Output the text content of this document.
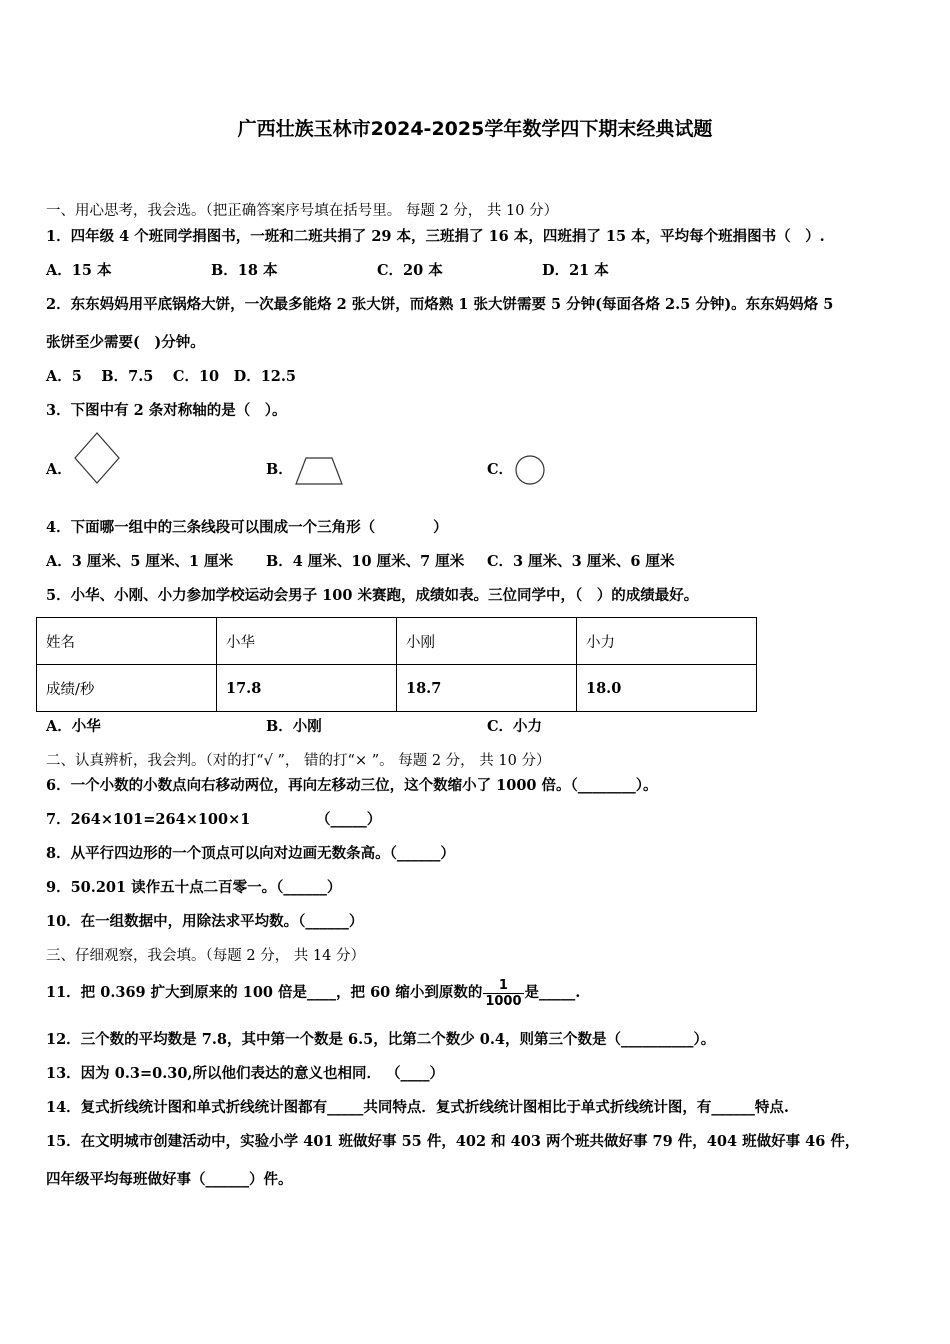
广西壮族玉林市2024-2025学年数学四下期末经典试题
一、用心思考，我会选。（把正确答案序号填在括号里。 每题 2 分， 共 10 分）
1．四年级 4 个班同学捐图书，一班和二班共捐了 29 本，三班捐了 16 本，四班捐了 15 本，平均每个班捐图书（　）.
A．15 本	B．18 本	C．20 本	D．21 本
2．东东妈妈用平底锅烙大饼，一次最多能烙 2 张大饼，而烙熟 1 张大饼需要 5 分钟(每面各烙 2.5 分钟)。东东妈妈烙 5
张饼至少需要(　)分钟。
A．5　 B．7.5　 C．10　D．12.5
3．下图中有 2 条对称轴的是（　）。
A．	B．	C．
4．下面哪一组中的三条线段可以围成一个三角形（　　　　）
A．3 厘米、5 厘米、1 厘米 B．4 厘米、10 厘米、7 厘米 C．3 厘米、3 厘米、6 厘米
5．小华、小刚、小力参加学校运动会男子 100 米赛跑，成绩如表。三位同学中，（　）的成绩最好。
姓名	小华	小刚	小力
成绩/秒	17.8	18.7	18.0
A．小华	B．小刚	C．小力
二、认真辨析，我会判。（对的打“√ ”， 错的打“× ”。 每题 2 分， 共 10 分）
6．一个小数的小数点向右移动两位，再向左移动三位，这个数缩小了 1000 倍。（________）。
7．264×101=264×100×1	（_____）
8．从平行四边形的一个顶点可以向对边画无数条高。（______）
9．50.201 读作五十点二百零一。（______）
10．在一组数据中，用除法求平均数。（______）
三、仔细观察，我会填。（每题 2 分， 共 14 分）
11．把 0.369 扩大到原来的 100 倍是____，把 60 缩小到原数的 $\frac{1}{1000}$ 是_____.
12．三个数的平均数是 7.8，其中第一个数是 6.5，比第二个数少 0.4，则第三个数是（__________）。
13．因为 0.3=0.30,所以他们表达的意义也相同． （____）
14．复式折线统计图和单式折线统计图都有_____共同特点．复式折线统计图相比于单式折线统计图，有______特点.
15．在文明城市创建活动中，实验小学 401 班做好事 55 件，402 和 403 两个班共做好事 79 件，404 班做好事 46 件，
四年级平均每班做好事（______）件。
